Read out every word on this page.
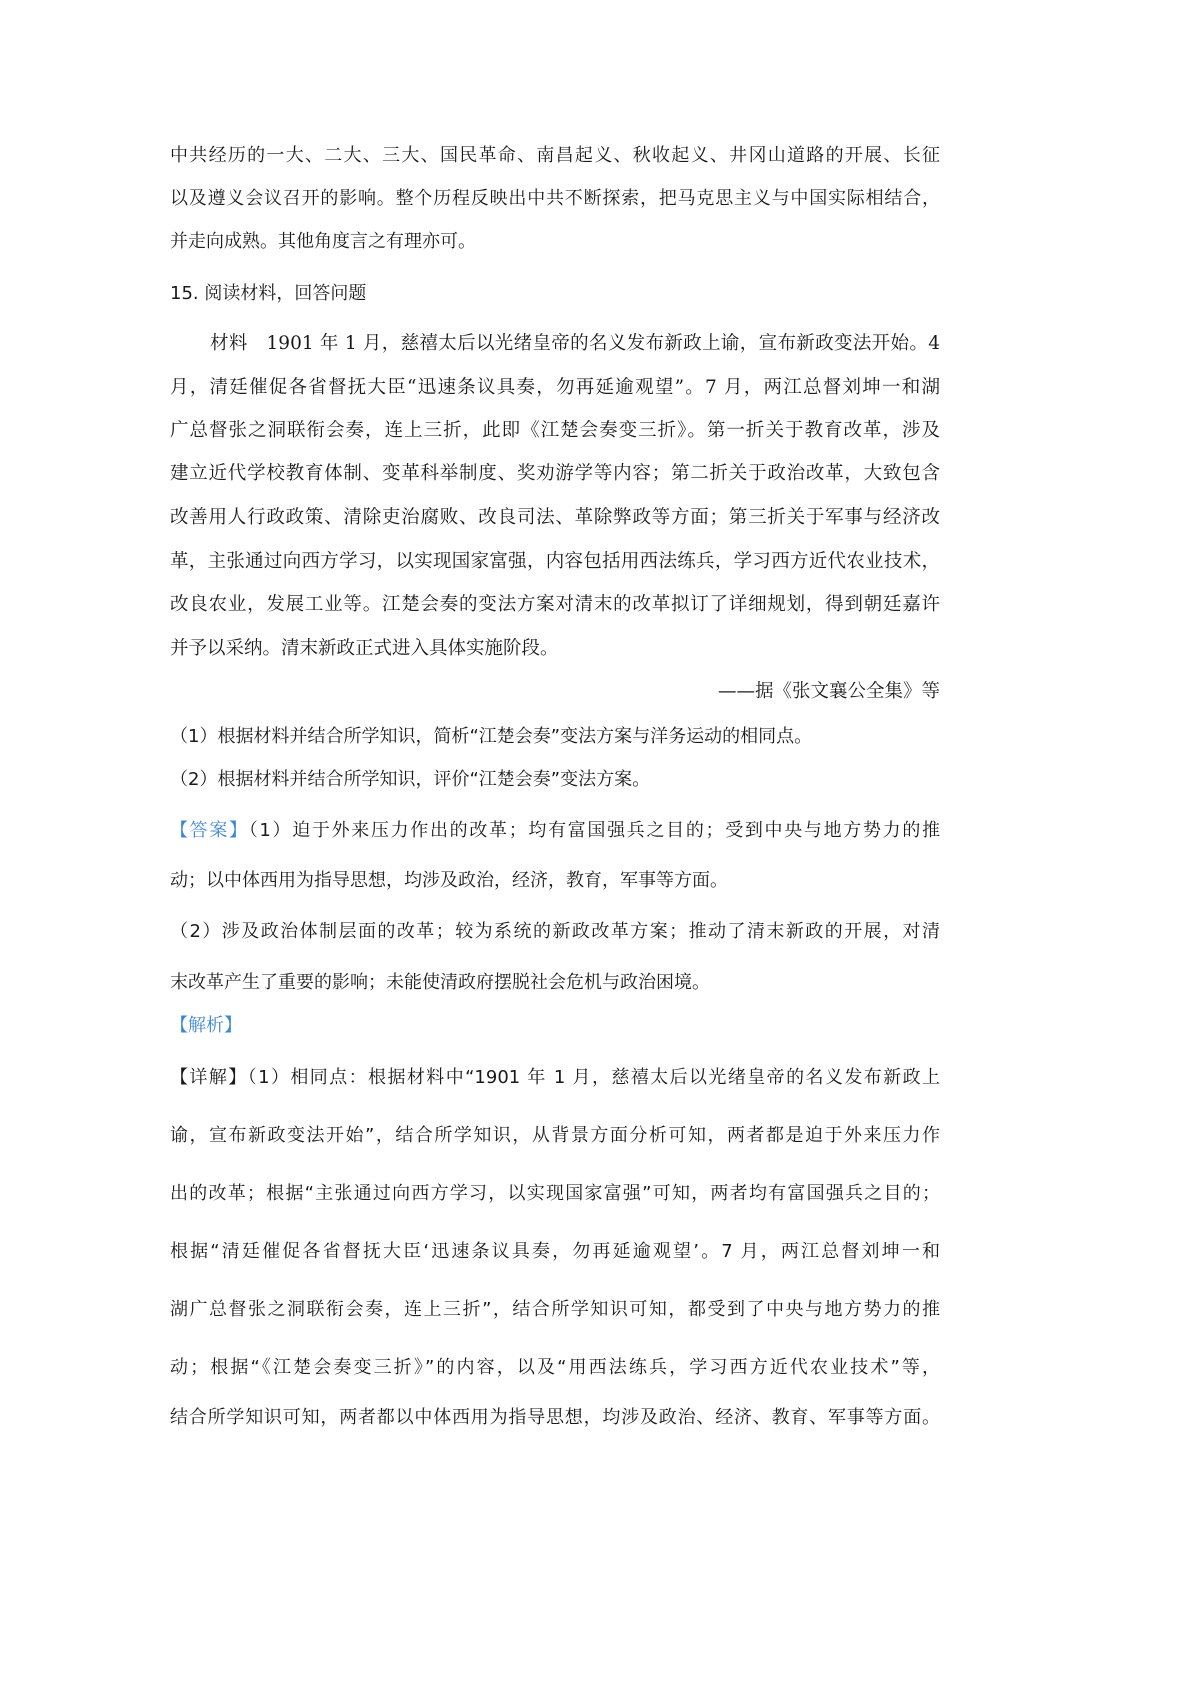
中共经历的一大、二大、三大、国民革命、南昌起义、秋收起义、井冈山道路的开展、长征
以及遵义会议召开的影响。整个历程反映出中共不断探索，把马克思主义与中国实际相结合，
并走向成熟。其他角度言之有理亦可。
15. 阅读材料，回答问题
材料　1901 年 1 月，慈禧太后以光绪皇帝的名义发布新政上谕，宣布新政变法开始。4
月，清廷催促各省督抚大臣“迅速条议具奏，勿再延逾观望”。7 月，两江总督刘坤一和湖
广总督张之洞联衔会奏，连上三折，此即《江楚会奏变三折》。第一折关于教育改革，涉及
建立近代学校教育体制、变革科举制度、奖劝游学等内容；第二折关于政治改革，大致包含
改善用人行政政策、清除吏治腐败、改良司法、革除弊政等方面；第三折关于军事与经济改
革，主张通过向西方学习，以实现国家富强，内容包括用西法练兵，学习西方近代农业技术，
改良农业，发展工业等。江楚会奏的变法方案对清末的改革拟订了详细规划，得到朝廷嘉许
并予以采纳。清末新政正式进入具体实施阶段。
——据《张文襄公全集》等
（1）根据材料并结合所学知识，简析“江楚会奏”变法方案与洋务运动的相同点。
（2）根据材料并结合所学知识，评价“江楚会奏”变法方案。
【答案】（1）迫于外来压力作出的改革；均有富国强兵之目的；受到中央与地方势力的推
动；以中体西用为指导思想，均涉及政治，经济，教育，军事等方面。
（2）涉及政治体制层面的改革；较为系统的新政改革方案；推动了清末新政的开展，对清
末改革产生了重要的影响；未能使清政府摆脱社会危机与政治困境。
【解析】
【详解】（1）相同点：根据材料中“1901 年 1 月，慈禧太后以光绪皇帝的名义发布新政上
谕，宣布新政变法开始”，结合所学知识，从背景方面分析可知，两者都是迫于外来压力作
出的改革；根据“主张通过向西方学习，以实现国家富强”可知，两者均有富国强兵之目的；
根据“清廷催促各省督抚大臣‘迅速条议具奏，勿再延逾观望’。7 月，两江总督刘坤一和
湖广总督张之洞联衔会奏，连上三折”，结合所学知识可知，都受到了中央与地方势力的推
动；根据“《江楚会奏变三折》”的内容，以及“用西法练兵，学习西方近代农业技术”等，
结合所学知识可知，两者都以中体西用为指导思想，均涉及政治、经济、教育、军事等方面。
